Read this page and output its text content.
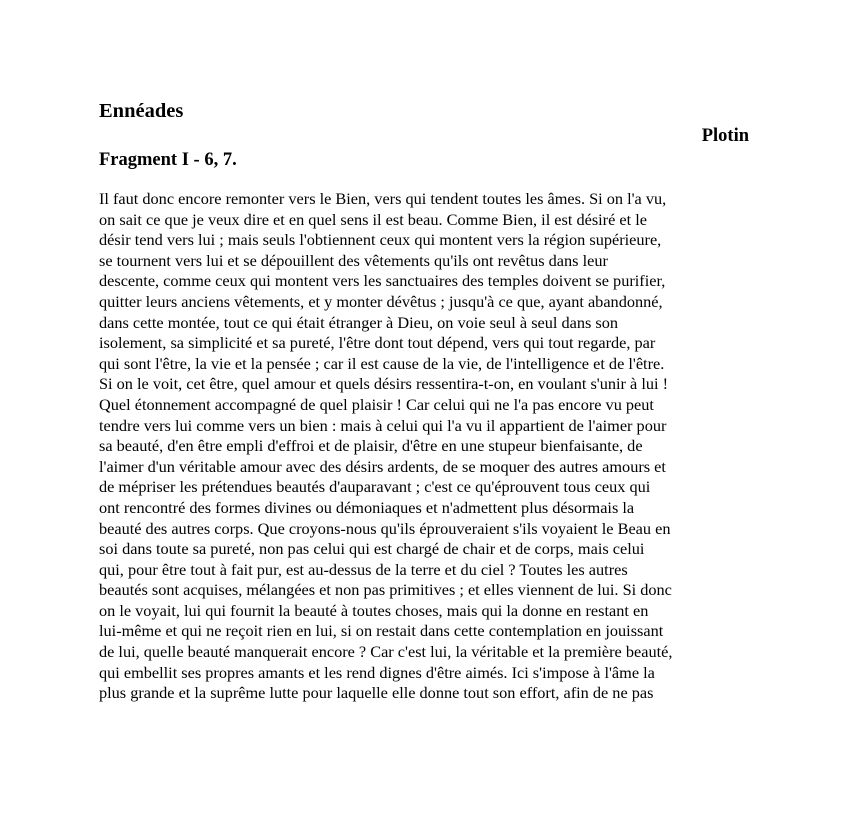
Ennéades

Plotin

Fragment I - 6, 7.

Il faut donc encore remonter vers le Bien, vers qui tendent toutes les âmes. Si on l'a vu,
on sait ce que je veux dire et en quel sens il est beau. Comme Bien, il est désiré et le
désir tend vers lui ; mais seuls l'obtiennent ceux qui montent vers la région supérieure,
se tournent vers lui et se dépouillent des vêtements qu'ils ont revêtus dans leur
descente, comme ceux qui montent vers les sanctuaires des temples doivent se purifier,
quitter leurs anciens vêtements, et y monter dévêtus ; jusqu'à ce que, ayant abandonné,
dans cette montée, tout ce qui était étranger à Dieu, on voie seul à seul dans son
isolement, sa simplicité et sa pureté, l'être dont tout dépend, vers qui tout regarde, par
qui sont l'être, la vie et la pensée ; car il est cause de la vie, de l'intelligence et de l'être.
Si on le voit, cet être, quel amour et quels désirs ressentira-t-on, en voulant s'unir à lui !
Quel étonnement accompagné de quel plaisir ! Car celui qui ne l'a pas encore vu peut
tendre vers lui comme vers un bien : mais à celui qui l'a vu il appartient de l'aimer pour
sa beauté, d'en être empli d'effroi et de plaisir, d'être en une stupeur bienfaisante, de
l'aimer d'un véritable amour avec des désirs ardents, de se moquer des autres amours et
de mépriser les prétendues beautés d'auparavant ; c'est ce qu'éprouvent tous ceux qui
ont rencontré des formes divines ou démoniaques et n'admettent plus désormais la
beauté des autres corps. Que croyons-nous qu'ils éprouveraient s'ils voyaient le Beau en
soi dans toute sa pureté, non pas celui qui est chargé de chair et de corps, mais celui
qui, pour être tout à fait pur, est au-dessus de la terre et du ciel ? Toutes les autres
beautés sont acquises, mélangées et non pas primitives ; et elles viennent de lui. Si donc
on le voyait, lui qui fournit la beauté à toutes choses, mais qui la donne en restant en
lui-même et qui ne reçoit rien en lui, si on restait dans cette contemplation en jouissant
de lui, quelle beauté manquerait encore ? Car c'est lui, la véritable et la première beauté,
qui embellit ses propres amants et les rend dignes d'être aimés. Ici s'impose à l'âme la
plus grande et la suprême lutte pour laquelle elle donne tout son effort, afin de ne pas
